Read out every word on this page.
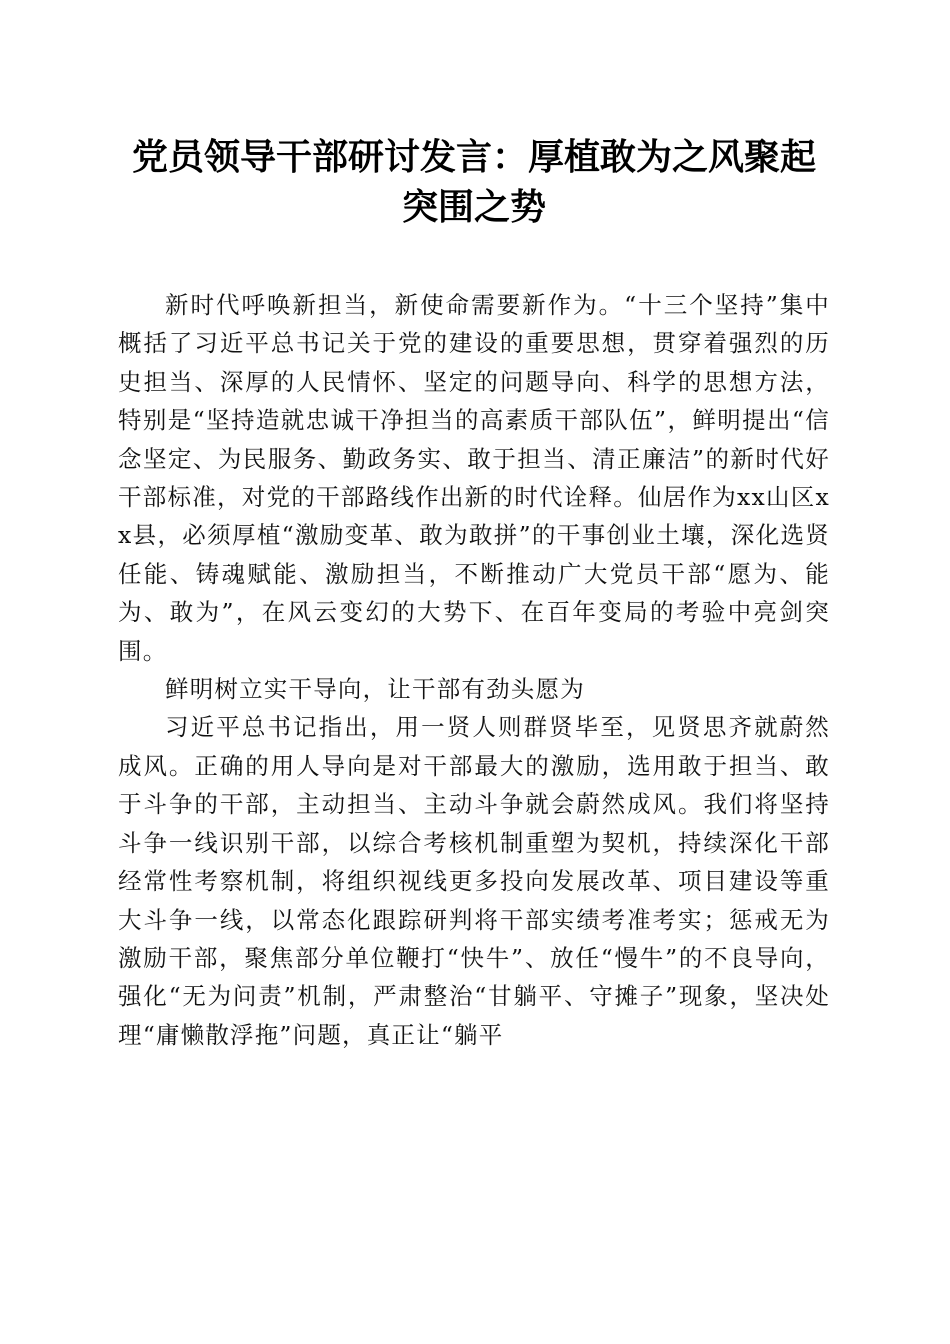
党员领导干部研讨发言：厚植敢为之风聚起突围之势

新时代呼唤新担当，新使命需要新作为。“十三个坚持”集中概括了习近平总书记关于党的建设的重要思想，贯穿着强烈的历史担当、深厚的人民情怀、坚定的问题导向、科学的思想方法，特别是“坚持造就忠诚干净担当的高素质干部队伍”，鲜明提出“信念坚定、为民服务、勤政务实、敢于担当、清正廉洁”的新时代好干部标准，对党的干部路线作出新的时代诠释。仙居作为xx山区xx县，必须厚植“激励变革、敢为敢拼”的干事创业土壤，深化选贤任能、铸魂赋能、激励担当，不断推动广大党员干部“愿为、能为、敢为”，在风云变幻的大势下、在百年变局的考验中亮剑突围。

鲜明树立实干导向，让干部有劲头愿为

习近平总书记指出，用一贤人则群贤毕至，见贤思齐就蔚然成风。正确的用人导向是对干部最大的激励，选用敢于担当、敢于斗争的干部，主动担当、主动斗争就会蔚然成风。我们将坚持斗争一线识别干部，以综合考核机制重塑为契机，持续深化干部经常性考察机制，将组织视线更多投向发展改革、项目建设等重大斗争一线，以常态化跟踪研判将干部实绩考准考实；惩戒无为激励干部，聚焦部分单位鞭打“快牛”、放任“慢牛”的不良导向，强化“无为问责”机制，严肃整治“甘躺平、守摊子”现象，坚决处理“庸懒散浮拖”问题，真正让“躺平
